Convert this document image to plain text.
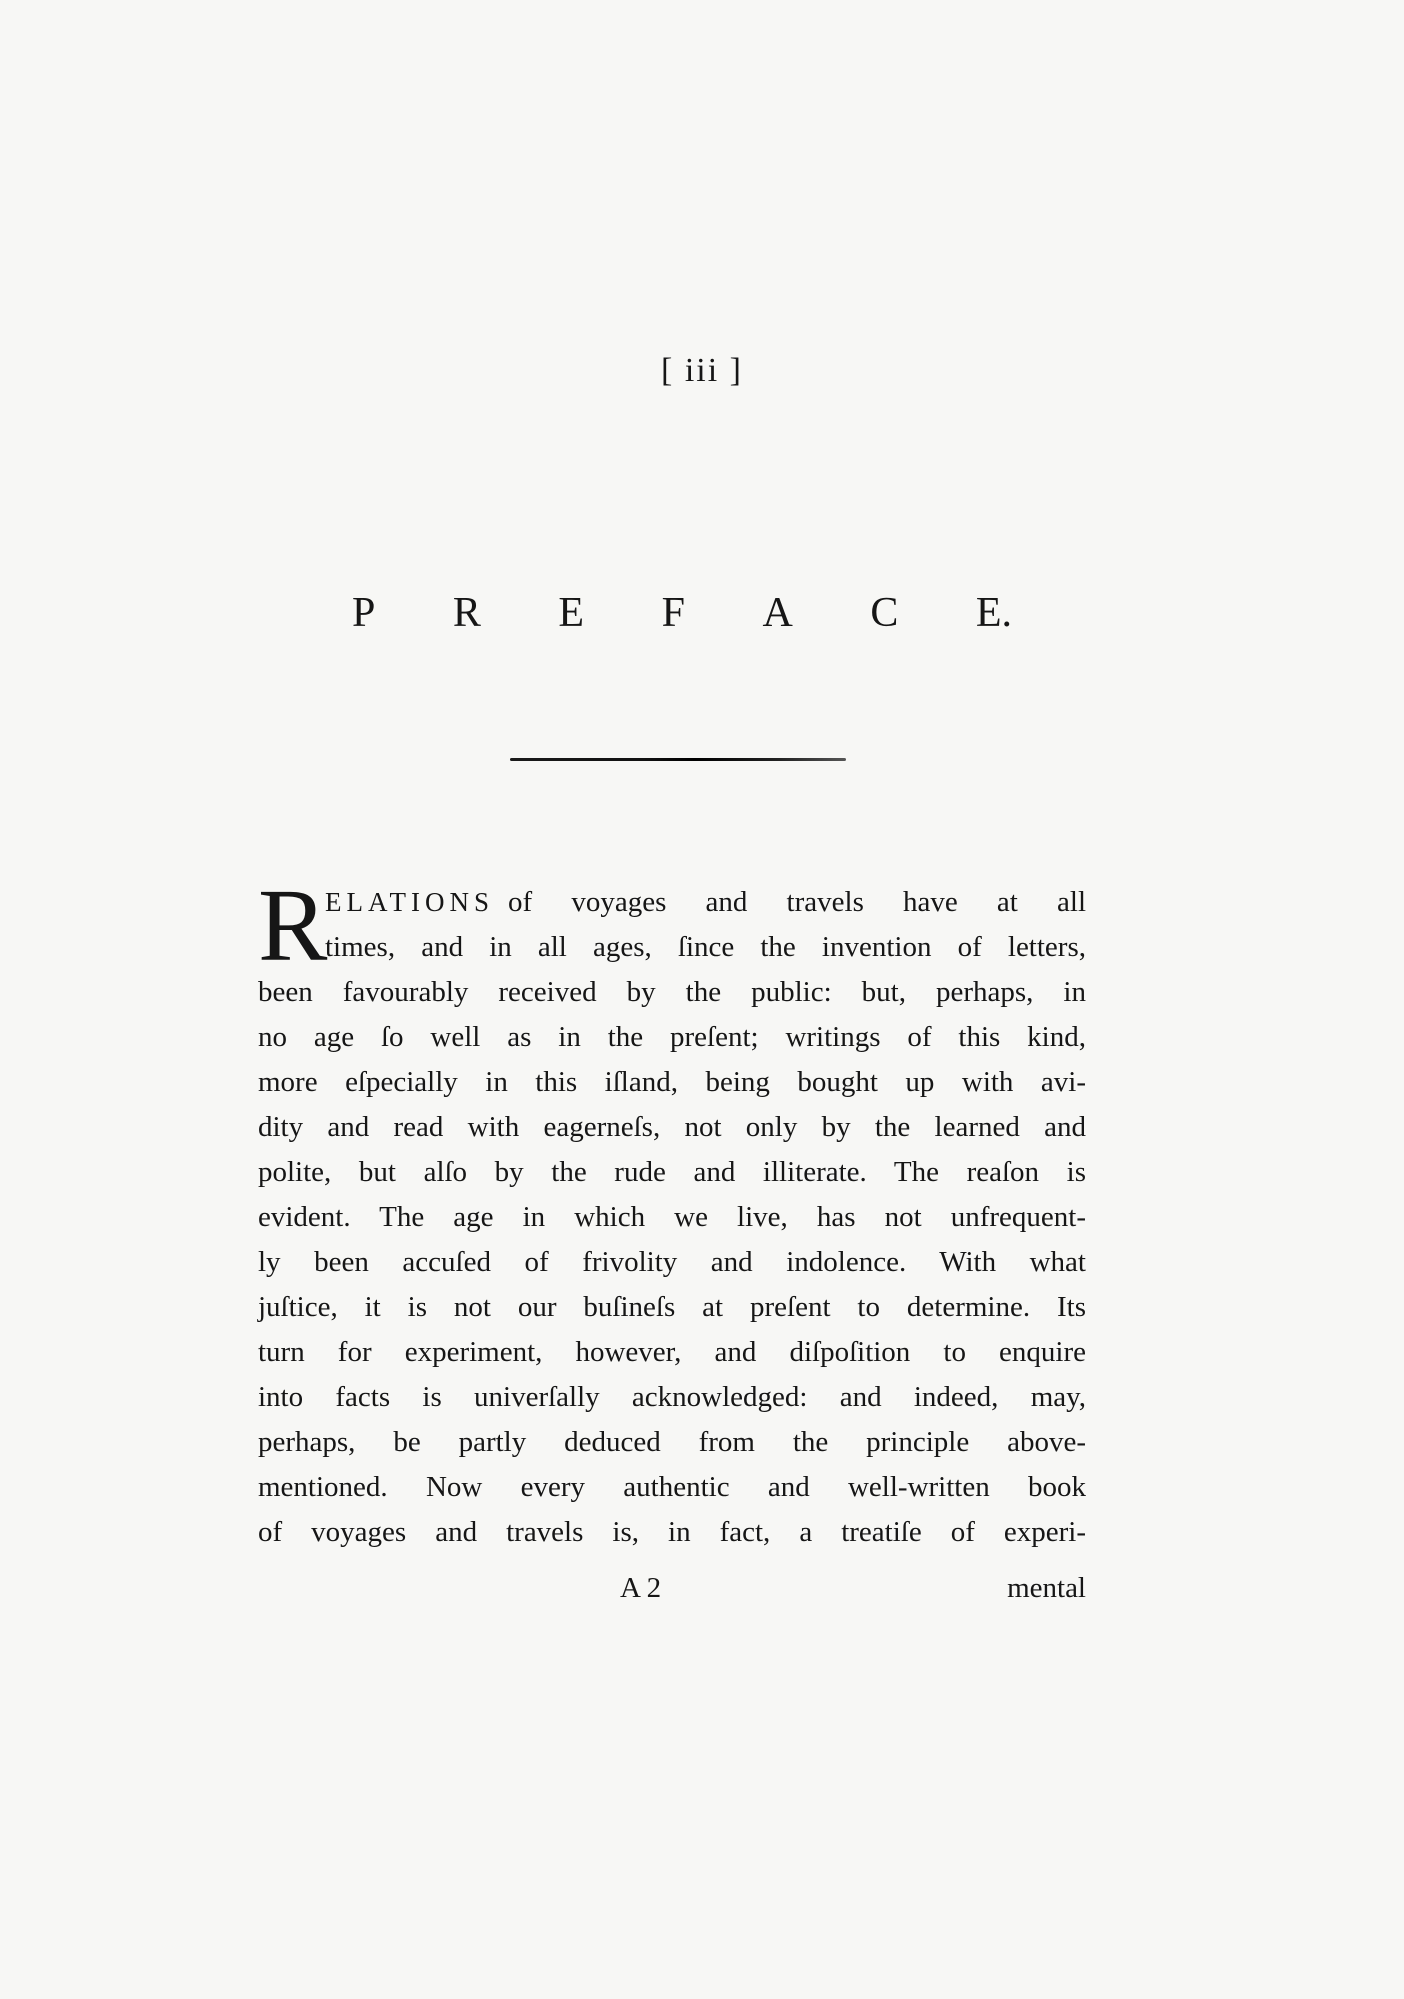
[ iii ]
P R E F A C E.
R
ELATIONS of voyages and travels have at all
times, and in all ages, ſince the invention of letters,
been favourably received by the public: but, perhaps, in
no age ſo well as in the preſent; writings of this kind,
more eſpecially in this iſland, being bought up with avi-
dity and read with eagerneſs, not only by the learned and
polite, but alſo by the rude and illiterate. The reaſon is
evident. The age in which we live, has not unfrequent-
ly been accuſed of frivolity and indolence. With what
juſtice, it is not our buſineſs at preſent to determine. Its
turn for experiment, however, and diſpoſition to enquire
into facts is univerſally acknowledged: and indeed, may,
perhaps, be partly deduced from the principle above-
mentioned. Now every authentic and well-written book
of voyages and travels is, in fact, a treatiſe of experi-
A 2	mental
